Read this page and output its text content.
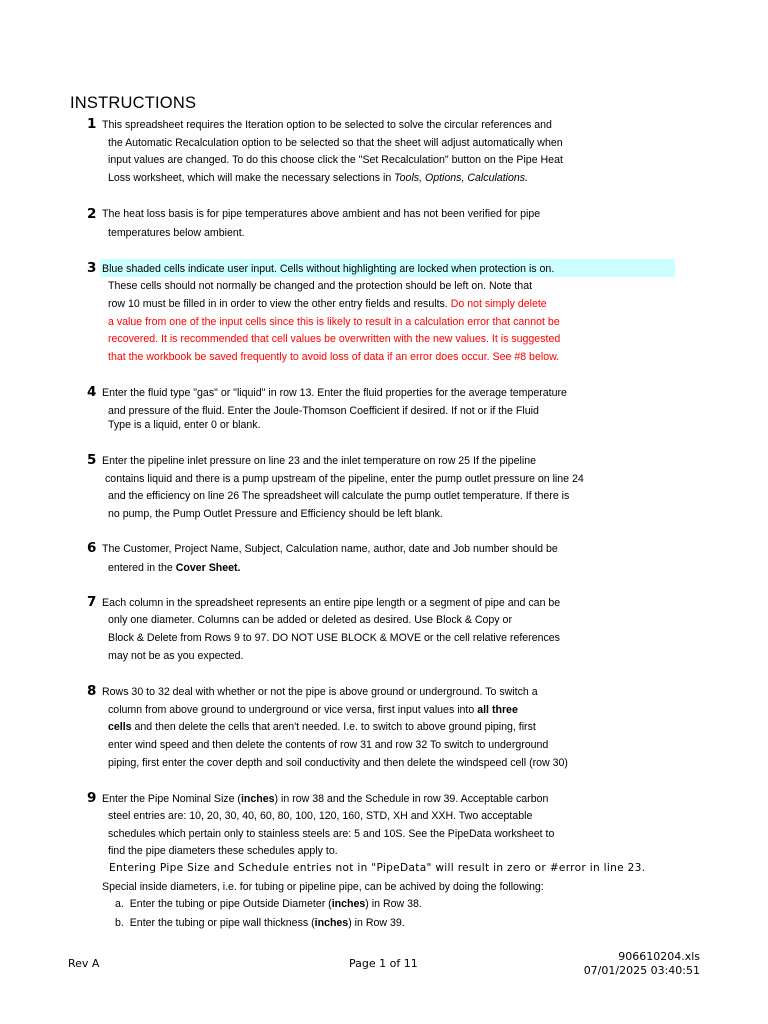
INSTRUCTIONS
1 This spreadsheet requires the Iteration option to be selected to solve the circular references and
the Automatic Recalculation option to be selected so that the sheet will adjust automatically when
input values are changed. To do this choose click the "Set Recalculation" button on the Pipe Heat
Loss worksheet, which will make the necessary selections in Tools, Options, Calculations.
2 The heat loss basis is for pipe temperatures above ambient and has not been verified for pipe
temperatures below ambient.
3 Blue shaded cells indicate user input. Cells without highlighting are locked when protection is on.
These cells should not normally be changed and the protection should be left on. Note that
row 10 must be filled in in order to view the other entry fields and results. Do not simply delete
a value from one of the input cells since this is likely to result in a calculation error that cannot be
recovered. It is recommended that cell values be overwritten with the new values. It is suggested
that the workbook be saved frequently to avoid loss of data if an error does occur. See #8 below.
4 Enter the fluid type "gas" or "liquid" in row 13. Enter the fluid properties for the average temperature
and pressure of the fluid. Enter the Joule-Thomson Coefficient if desired. If not or if the Fluid
Type is a liquid, enter 0 or blank.
5 Enter the pipeline inlet pressure on line 23 and the inlet temperature on row 25 If the pipeline
contains liquid and there is a pump upstream of the pipeline, enter the pump outlet pressure on line 24
and the efficiency on line 26 The spreadsheet will calculate the pump outlet temperature. If there is
no pump, the Pump Outlet Pressure and Efficiency should be left blank.
6 The Customer, Project Name, Subject, Calculation name, author, date and Job number should be
entered in the Cover Sheet.
7 Each column in the spreadsheet represents an entire pipe length or a segment of pipe and can be
only one diameter. Columns can be added or deleted as desired. Use Block & Copy or
Block & Delete from Rows 9 to 97. DO NOT USE BLOCK & MOVE or the cell relative references
may not be as you expected.
8 Rows 30 to 32 deal with whether or not the pipe is above ground or underground. To switch a
column from above ground to underground or vice versa, first input values into all three
cells and then delete the cells that aren't needed. I.e. to switch to above ground piping, first
enter wind speed and then delete the contents of row 31 and row 32 To switch to underground
piping, first enter the cover depth and soil conductivity and then delete the windspeed cell (row 30)
9 Enter the Pipe Nominal Size (inches) in row 38 and the Schedule in row 39. Acceptable carbon
steel entries are: 10, 20, 30, 40, 60, 80, 100, 120, 160, STD, XH and XXH. Two acceptable
schedules which pertain only to stainless steels are: 5 and 10S. See the PipeData worksheet to
find the pipe diameters these schedules apply to.
Entering Pipe Size and Schedule entries not in "PipeData" will result in zero or #error in line 23.
Special inside diameters, i.e. for tubing or pipeline pipe, can be achived by doing the following:
a. Enter the tubing or pipe Outside Diameter (inches) in Row 38.
b. Enter the tubing or pipe wall thickness (inches) in Row 39.
Rev A	Page 1 of 11
906610204.xls
07/01/2025 03:40:51
